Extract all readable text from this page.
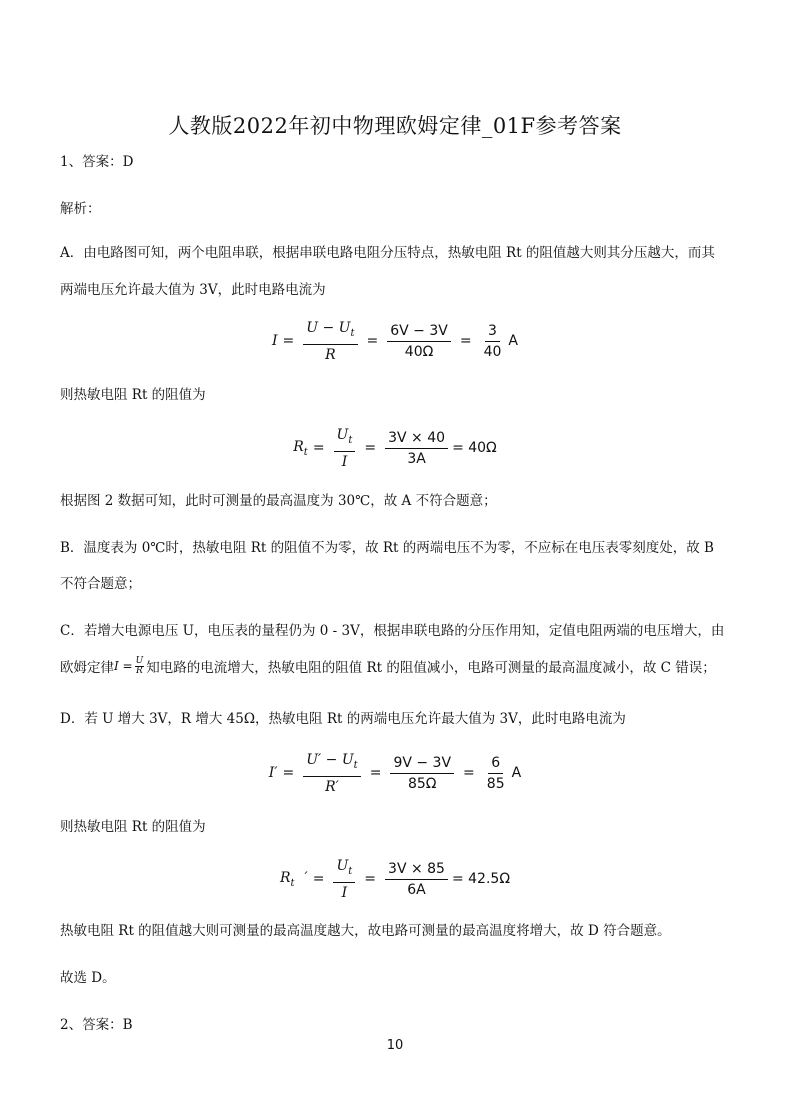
人教版2022年初中物理欧姆定律_01F参考答案
1、答案：D
解析：
A．由电路图可知，两个电阻串联，根据串联电路电阻分压特点，热敏电阻 Rt 的阻值越大则其分压越大，而其
两端电压允许最大值为 3V，此时电路电流为
$I = \frac{U - U_t}{R} = \frac{6V - 3V}{40\Omega} = \frac{3}{40}$ A
则热敏电阻 Rt 的阻值为
$R_t = \frac{U_t}{I} = \frac{3V \times 40}{3A} = 40\Omega$
根据图 2 数据可知，此时可测量的最高温度为 30℃，故 A 不符合题意；
B．温度表为 0℃时，热敏电阻 Rt 的阻值不为零，故 Rt 的两端电压不为零，不应标在电压表零刻度处，故 B
不符合题意；
C．若增大电源电压 U，电压表的量程仍为 0 - 3V，根据串联电路的分压作用知，定值电阻两端的电压增大，由
欧姆定律 $I = \frac{U}{R}$ 知电路的电流增大，热敏电阻的阻值 Rt 的阻值减小，电路可测量的最高温度减小，故 C 错误；
D．若 U 增大 3V，R 增大 45Ω，热敏电阻 Rt 的两端电压允许最大值为 3V，此时电路电流为
$I' = \frac{U' - U_t}{R'} = \frac{9V - 3V}{85\Omega} = \frac{6}{85}$ A
则热敏电阻 Rt 的阻值为
$R_t$ ′ = $\frac{U_t}{I} = \frac{3V \times 85}{6A} = 42.5\Omega$
热敏电阻 Rt 的阻值越大则可测量的最高温度越大，故电路可测量的最高温度将增大，故 D 符合题意。
故选 D。
2、答案：B
10
